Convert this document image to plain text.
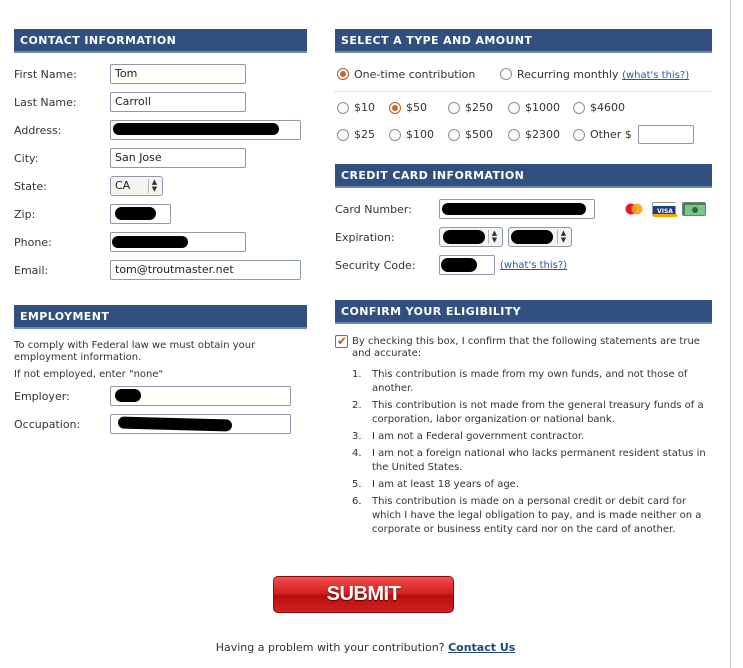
CONTACT INFORMATION
First Name:	Tom
Last Name:	Carroll
Address:
City:	San Jose
State:	CA	▲
▼
Zip:
Phone:
Email:	tom@troutmaster.net
EMPLOYMENT
To comply with Federal law we must obtain your employment information.
If not employed, enter "none"
Employer:
Occupation:
SELECT A TYPE AND AMOUNT
One-time contribution	Recurring monthly (what's this?)
$10	$50	$250	$1000	$4600
$25	$100	$500	$2300	Other $
CREDIT CARD INFORMATION
Card Number:	VISA
Expiration:	▲
▼
▲
▼
Security Code:	(what's this?)
CONFIRM YOUR ELIGIBILITY
✔ By checking this box, I confirm that the following statements are true and accurate:
1. This contribution is made from my own funds, and not those of another.
2. This contribution is not made from the general treasury funds of a corporation, labor organization or national bank.
3. I am not a Federal government contractor.
4. I am not a foreign national who lacks permanent resident status in the United States.
5. I am at least 18 years of age.
6. This contribution is made on a personal credit or debit card for which I have the legal obligation to pay, and is made neither on a corporate or business entity card nor on the card of another.
SUBMIT
Having a problem with your contribution? Contact Us
